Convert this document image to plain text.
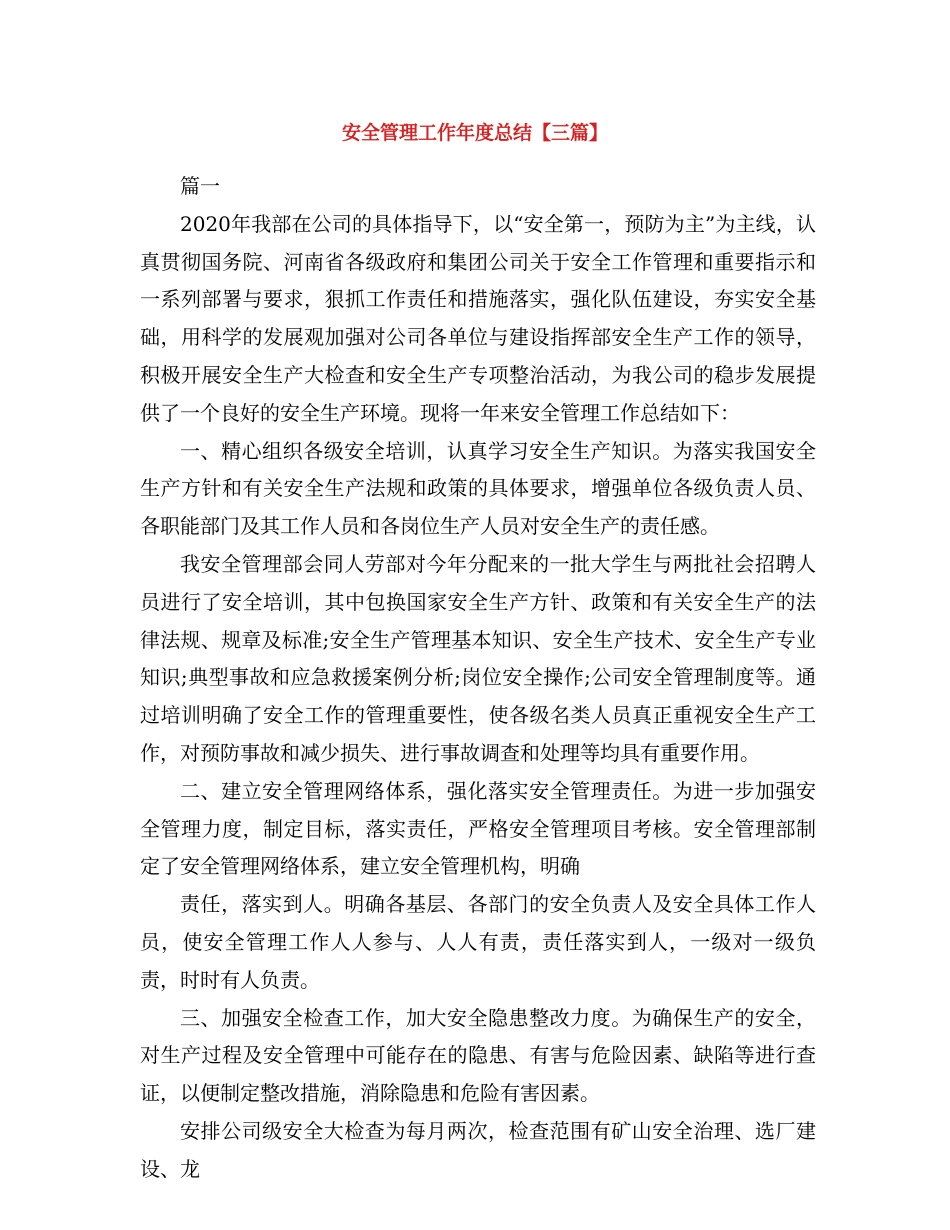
安全管理工作年度总结【三篇】

篇一

2020年我部在公司的具体指导下，以“安全第一，预防为主”为主线，认真贯彻国务院、河南省各级政府和集团公司关于安全工作管理和重要指示和一系列部署与要求，狠抓工作责任和措施落实，强化队伍建设，夯实安全基础，用科学的发展观加强对公司各单位与建设指挥部安全生产工作的领导，积极开展安全生产大检查和安全生产专项整治活动，为我公司的稳步发展提供了一个良好的安全生产环境。现将一年来安全管理工作总结如下：

一、精心组织各级安全培训，认真学习安全生产知识。为落实我国安全生产方针和有关安全生产法规和政策的具体要求，增强单位各级负责人员、各职能部门及其工作人员和各岗位生产人员对安全生产的责任感。

我安全管理部会同人劳部对今年分配来的一批大学生与两批社会招聘人员进行了安全培训，其中包换国家安全生产方针、政策和有关安全生产的法律法规、规章及标准;安全生产管理基本知识、安全生产技术、安全生产专业知识;典型事故和应急救援案例分析;岗位安全操作;公司安全管理制度等。通过培训明确了安全工作的管理重要性，使各级名类人员真正重视安全生产工作，对预防事故和减少损失、进行事故调查和处理等均具有重要作用。

二、建立安全管理网络体系，强化落实安全管理责任。为进一步加强安全管理力度，制定目标，落实责任，严格安全管理项目考核。安全管理部制定了安全管理网络体系，建立安全管理机构，明确

责任，落实到人。明确各基层、各部门的安全负责人及安全具体工作人员，使安全管理工作人人参与、人人有责，责任落实到人，一级对一级负责，时时有人负责。

三、加强安全检查工作，加大安全隐患整改力度。为确保生产的安全，对生产过程及安全管理中可能存在的隐患、有害与危险因素、缺陷等进行查证，以便制定整改措施，消除隐患和危险有害因素。

安排公司级安全大检查为每月两次，检查范围有矿山安全治理、选厂建设、龙
